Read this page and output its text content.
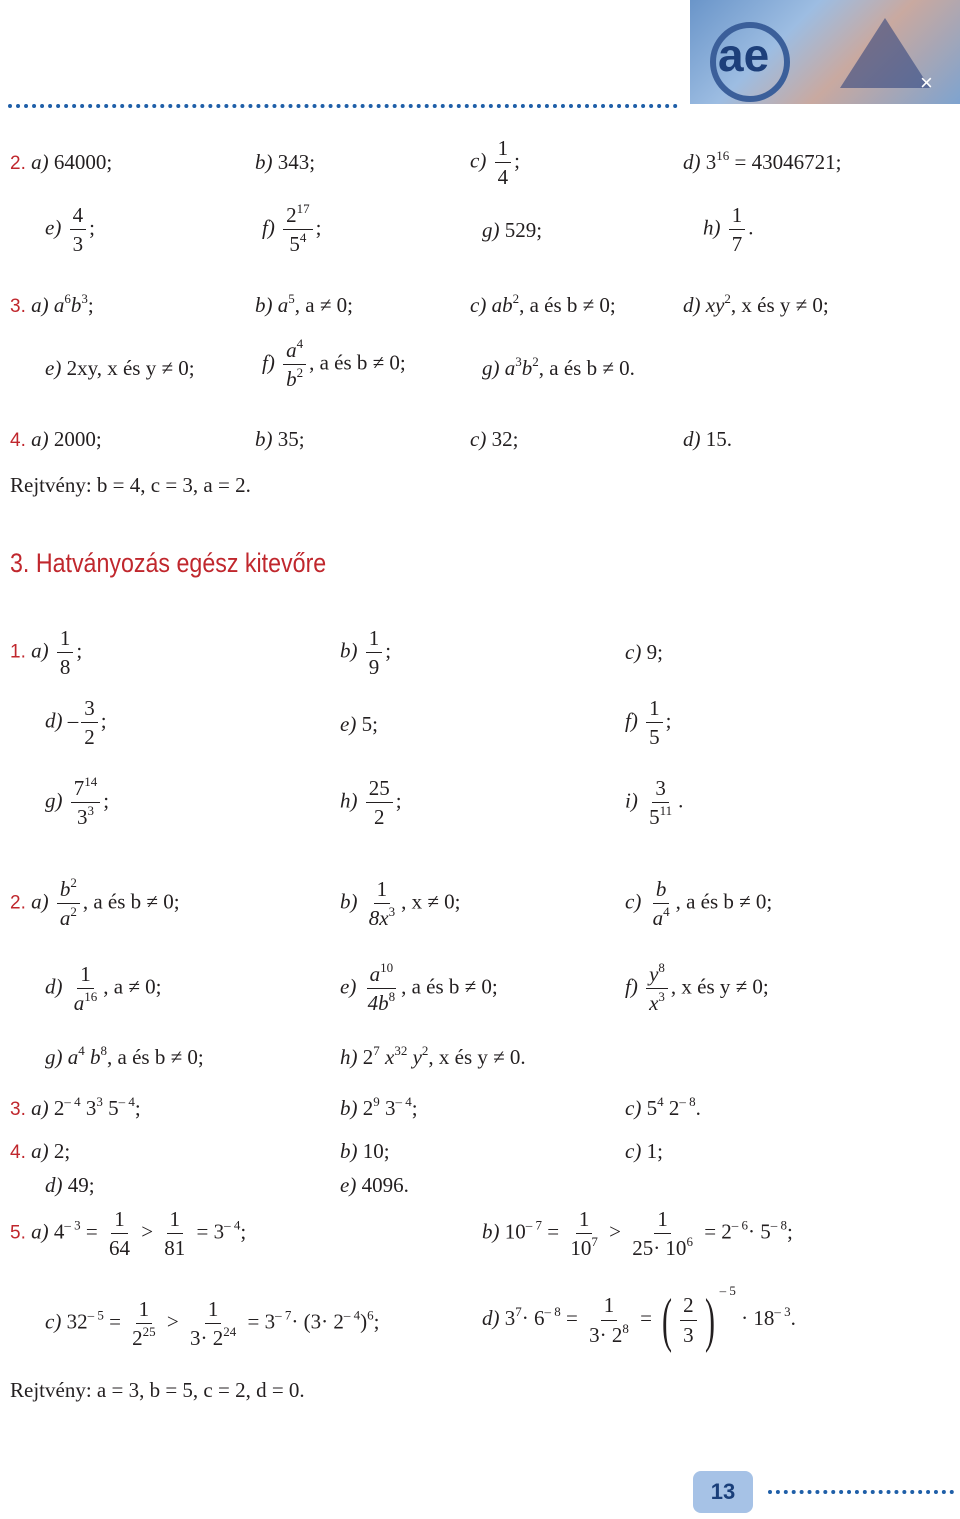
ae
×
2. a) 64000;	b) 343;	$c) \frac{1}{4}$ ;	d) $3^{16} = 43046721$;
$e) \frac{4}{3}$ ;	$f) \frac{2^{17}}{5^4}$ ;	g) 529;	$h) \frac{1}{7}$ .
3. a) $a^6b^3$;	b) $a^5$, a ≠ 0;	c) $ab^2$, a és b ≠ 0;	d) $xy^2$, x és y ≠ 0;
e) 2xy, x és y ≠ 0;	$f) \frac{a^4}{b^2}$ , a és b ≠ 0;	g) $a^3b^2$, a és b ≠ 0.
4. a) 2000;	b) 35;	c) 32;	d) 15.
Rejtvény: b = 4, c = 3, a = 2.
3. Hatványozás egész kitevőre
1. $a) \frac{1}{8}$ ;	$b) \frac{1}{9}$ ;	c) 9;
$d) - \frac{3}{2}$ ;	e) 5;	$f) \frac{1}{5}$ ;
$g) \frac{7^{14}}{3^3}$ ;	$h) \frac{25}{2}$ ;	$i) \frac{3}{5^{11}}$ .
2. $a) \frac{b^2}{a^2}$ , a és b ≠ 0;	$b) \frac{1}{8x^3}$ , x ≠ 0;	$c) \frac{b}{a^4}$ , a és b ≠ 0;
$d) \frac{1}{a^{16}}$ , a ≠ 0;	$e) \frac{a^{10}}{4b^8}$ , a és b ≠ 0;	$f) \frac{y^8}{x^3}$ , x és y ≠ 0;
g) $a^4$ $b^8$, a és b ≠ 0;	h) $2^7$ $x^{32}$ $y^2$, x és y ≠ 0.
3. a) $2^{- 4}$ $3^3$ $5^{- 4}$;	b) $2^9$ $3^{- 4}$;	c) $5^4$ $2^{- 8}$.
4. a) 2;	b) 10;	c) 1;
d) 49;	e) 4096.
5. a) $4^{- 3} = \frac{1}{64} > \frac{1}{81} = 3^{- 4}$;	b) $10^{- 7} = \frac{1}{10^7} > \frac{1}{25\cdot 10^6} = 2^{- 6}\cdot 5^{- 8}$;
c) $32^{- 5} = \frac{1}{2^{25}} > \frac{1}{3\cdot 2^{24}} = 3^{- 7}\cdot (3\cdot 2^{- 4})^6$;	d) $3^7\cdot 6^{- 8} = \frac{1}{3\cdot 2^8}$ = ( $\frac{2}{3}$ ) $^{- 5} \cdot 18^{- 3}$.
Rejtvény: a = 3, b = 5, c = 2, d = 0.
13
